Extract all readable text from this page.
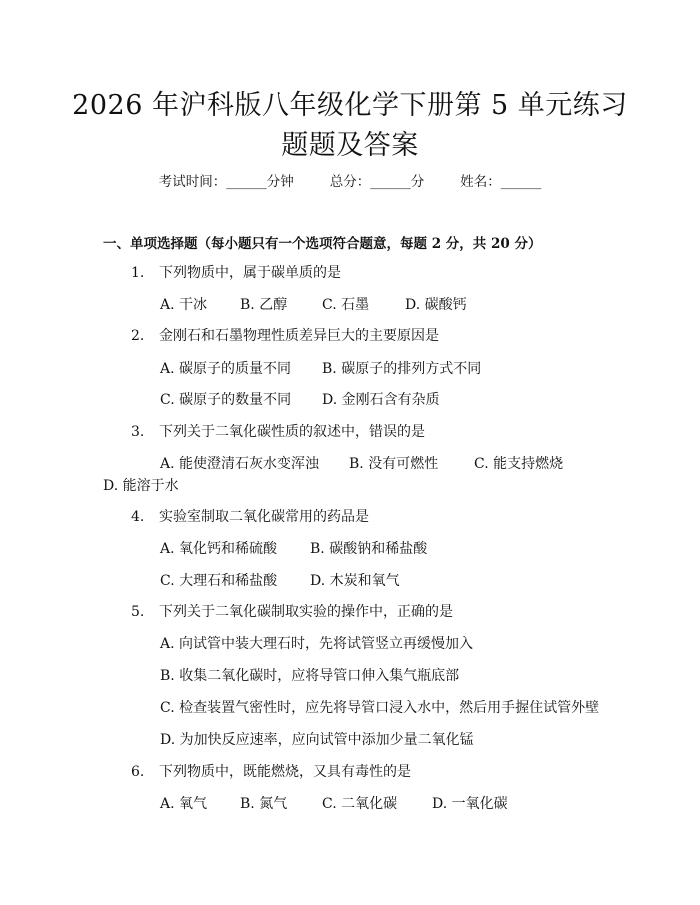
2026 年沪科版八年级化学下册第 5 单元练习
题题及答案
考试时间：______分钟	总分：______分	姓名：______
一、单项选择题（每小题只有一个选项符合题意，每题 2 分，共 20 分）
1. 下列物质中，属于碳单质的是
A. 干冰 B. 乙醇 C. 石墨	D. 碳酸钙
2. 金刚石和石墨物理性质差异巨大的主要原因是
A. 碳原子的质量不同 B. 碳原子的排列方式不同
C. 碳原子的数量不同 D. 金刚石含有杂质
3. 下列关于二氧化碳性质的叙述中，错误的是
A. 能使澄清石灰水变浑浊 B. 没有可燃性	C. 能支持燃烧
D. 能溶于水
4. 实验室制取二氧化碳常用的药品是
A. 氧化钙和稀硫酸 B. 碳酸钠和稀盐酸
C. 大理石和稀盐酸 D. 木炭和氧气
5. 下列关于二氧化碳制取实验的操作中，正确的是
A. 向试管中装大理石时，先将试管竖立再缓慢加入
B. 收集二氧化碳时，应将导管口伸入集气瓶底部
C. 检查装置气密性时，应先将导管口浸入水中，然后用手握住试管外壁
D. 为加快反应速率，应向试管中添加少量二氧化锰
6. 下列物质中，既能燃烧，又具有毒性的是
A. 氧气 B. 氮气 C. 二氧化碳 D. 一氧化碳
